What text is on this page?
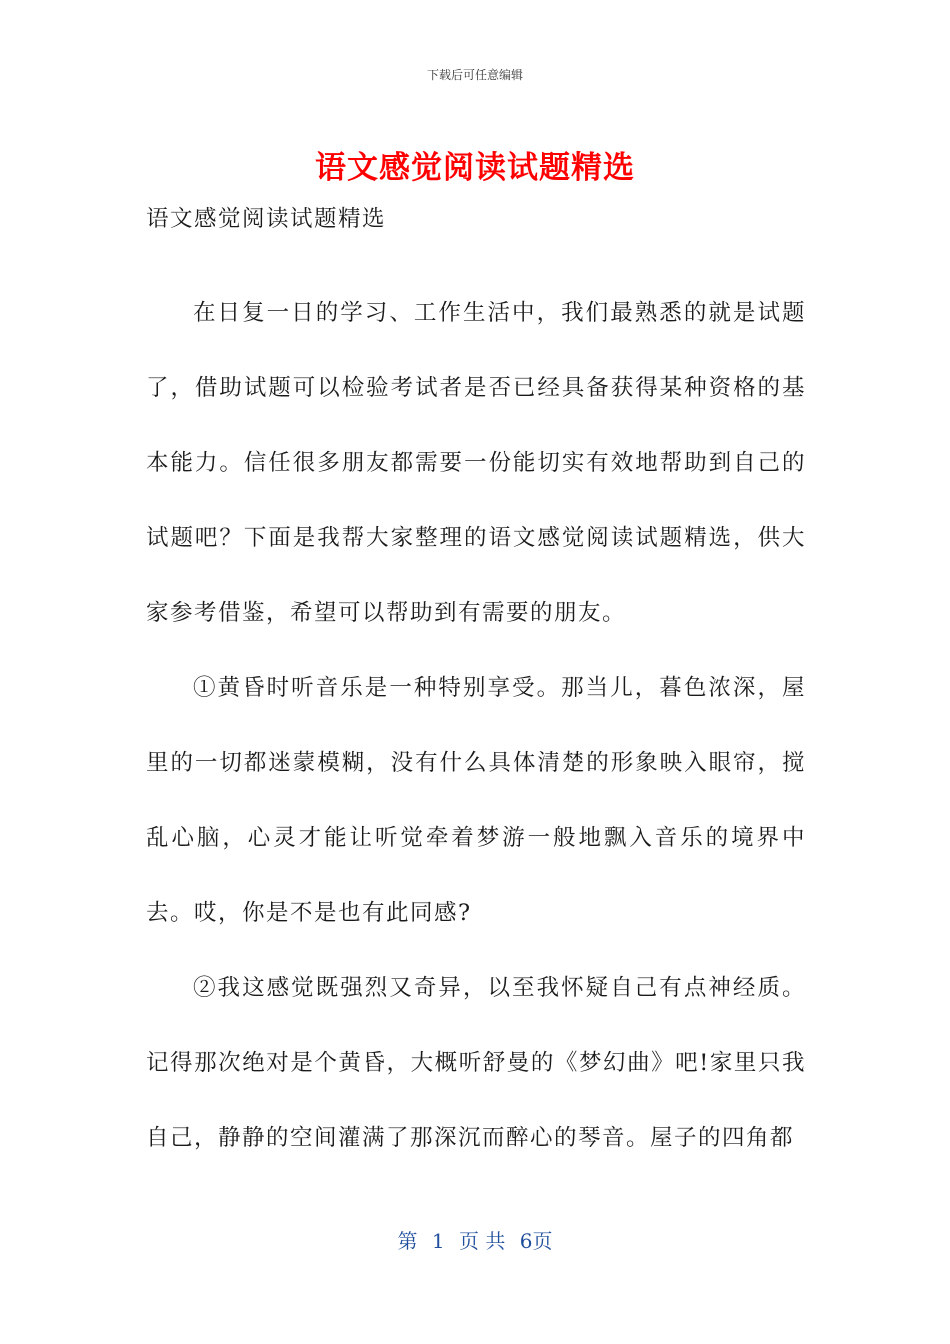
下载后可任意编辑
语文感觉阅读试题精选

语文感觉阅读试题精选

在日复一日的学习、工作生活中，我们最熟悉的就是试题了，借助试题可以检验考试者是否已经具备获得某种资格的基本能力。信任很多朋友都需要一份能切实有效地帮助到自己的试题吧？下面是我帮大家整理的语文感觉阅读试题精选，供大家参考借鉴，希望可以帮助到有需要的朋友。

①黄昏时听音乐是一种特别享受。那当儿，暮色浓深，屋里的一切都迷蒙模糊，没有什么具体清楚的形象映入眼帘，搅乱心脑，心灵才能让听觉牵着梦游一般地飘入音乐的境界中去。哎，你是不是也有此同感?

②我这感觉既强烈又奇异，以至我怀疑自己有点神经质。记得那次绝对是个黄昏，大概听舒曼的《梦幻曲》吧!家里只我自己，静静的空间灌满了那深沉而醉心的琴音。屋子的四角都

第 1 页 共 6页
